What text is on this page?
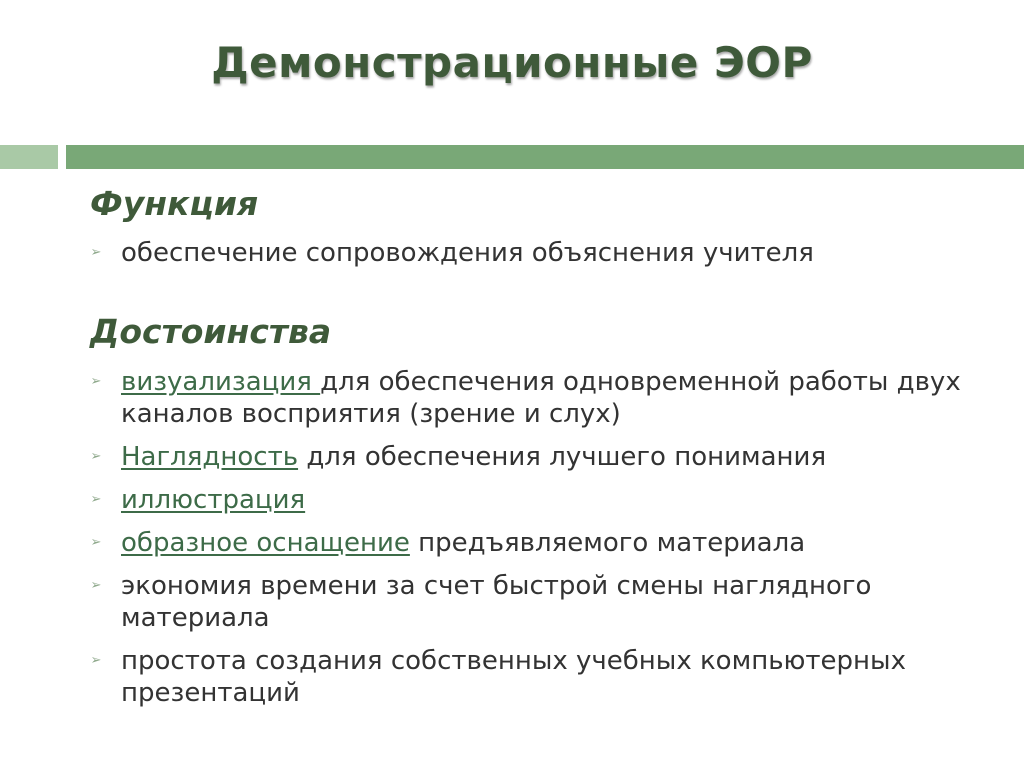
Демонстрационные ЭОР
Функция
➢ обеспечение сопровождения объяснения учителя
Достоинства
➢ визуализация для обеспечения одновременной работы двух каналов восприятия (зрение и слух)
➢ Наглядность для обеспечения лучшего понимания
➢ иллюстрация
➢ образное оснащение предъявляемого материала
➢ экономия времени за счет быстрой смены наглядного материала
➢ простота создания собственных учебных компьютерных презентаций
